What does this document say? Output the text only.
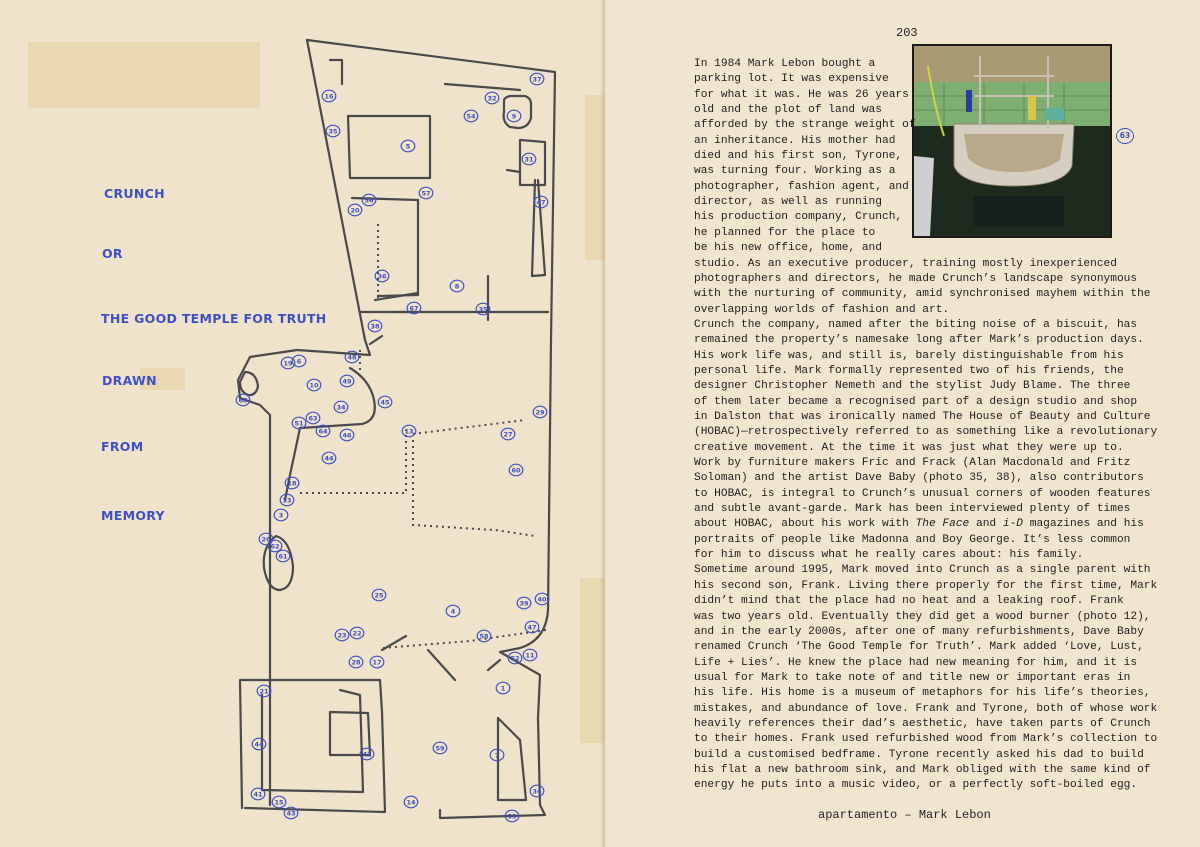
CRUNCH
OR
THE GOOD TEMPLE FOR TRUTH
DRAWN
FROM
MEMORY
37
16	32
54	9
35
5
57
20
56	47
31
36
8
67	35
38
19 6
68
10	49
48
34
45
63
64 46	13	27
29
44
60
18
33
3
26
62
61
25
4
39 40
47
22
23	58
28 17	52 11
21	1
44
42
59
7
41
15
43
14
34
53
51
203
63
In 1984 Mark Lebon bought a
parking lot. It was expensive
for what it was. He was 26 years
old and the plot of land was
afforded by the strange weight of
an inheritance. His mother had
died and his first son, Tyrone,
was turning four. Working as a
photographer, fashion agent, and
director, as well as running
his production company, Crunch,
he planned for the place to
be his new office, home, and
studio. As an executive producer, training mostly inexperienced
photographers and directors, he made Crunch’s landscape synonymous
with the nurturing of community, amid synchronised mayhem within the
overlapping worlds of fashion and art.
Crunch the company, named after the biting noise of a biscuit, has
remained the property’s namesake long after Mark’s production days.
His work life was, and still is, barely distinguishable from his
personal life. Mark formally represented two of his friends, the
designer Christopher Nemeth and the stylist Judy Blame. The three
of them later became a recognised part of a design studio and shop
in Dalston that was ironically named The House of Beauty and Culture
(HOBAC)—retrospectively referred to as something like a revolutionary
creative movement. At the time it was just what they were up to.
Work by furniture makers Fric and Frack (Alan Macdonald and Fritz
Soloman) and the artist Dave Baby (photo 35, 38), also contributors
to HOBAC, is integral to Crunch’s unusual corners of wooden features
and subtle avant-garde. Mark has been interviewed plenty of times
about HOBAC, about his work with The Face and i-D magazines and his
portraits of people like Madonna and Boy George. It’s less common
for him to discuss what he really cares about: his family.
Sometime around 1995, Mark moved into Crunch as a single parent with
his second son, Frank. Living there properly for the first time, Mark
didn’t mind that the place had no heat and a leaking roof. Frank
was two years old. Eventually they did get a wood burner (photo 12),
and in the early 2000s, after one of many refurbishments, Dave Baby
renamed Crunch ‘The Good Temple for Truth’. Mark added ‘Love, Lust,
Life + Lies’. He knew the place had new meaning for him, and it is
usual for Mark to take note of and title new or important eras in
his life. His home is a museum of metaphors for his life’s theories,
mistakes, and abundance of love. Frank and Tyrone, both of whose work
heavily references their dad’s aesthetic, have taken parts of Crunch
to their homes. Frank used refurbished wood from Mark’s collection to
build a customised bedframe. Tyrone recently asked his dad to build
his flat a new bathroom sink, and Mark obliged with the same kind of
energy he puts into a music video, or a perfectly soft-boiled egg.
apartamento – Mark Lebon
